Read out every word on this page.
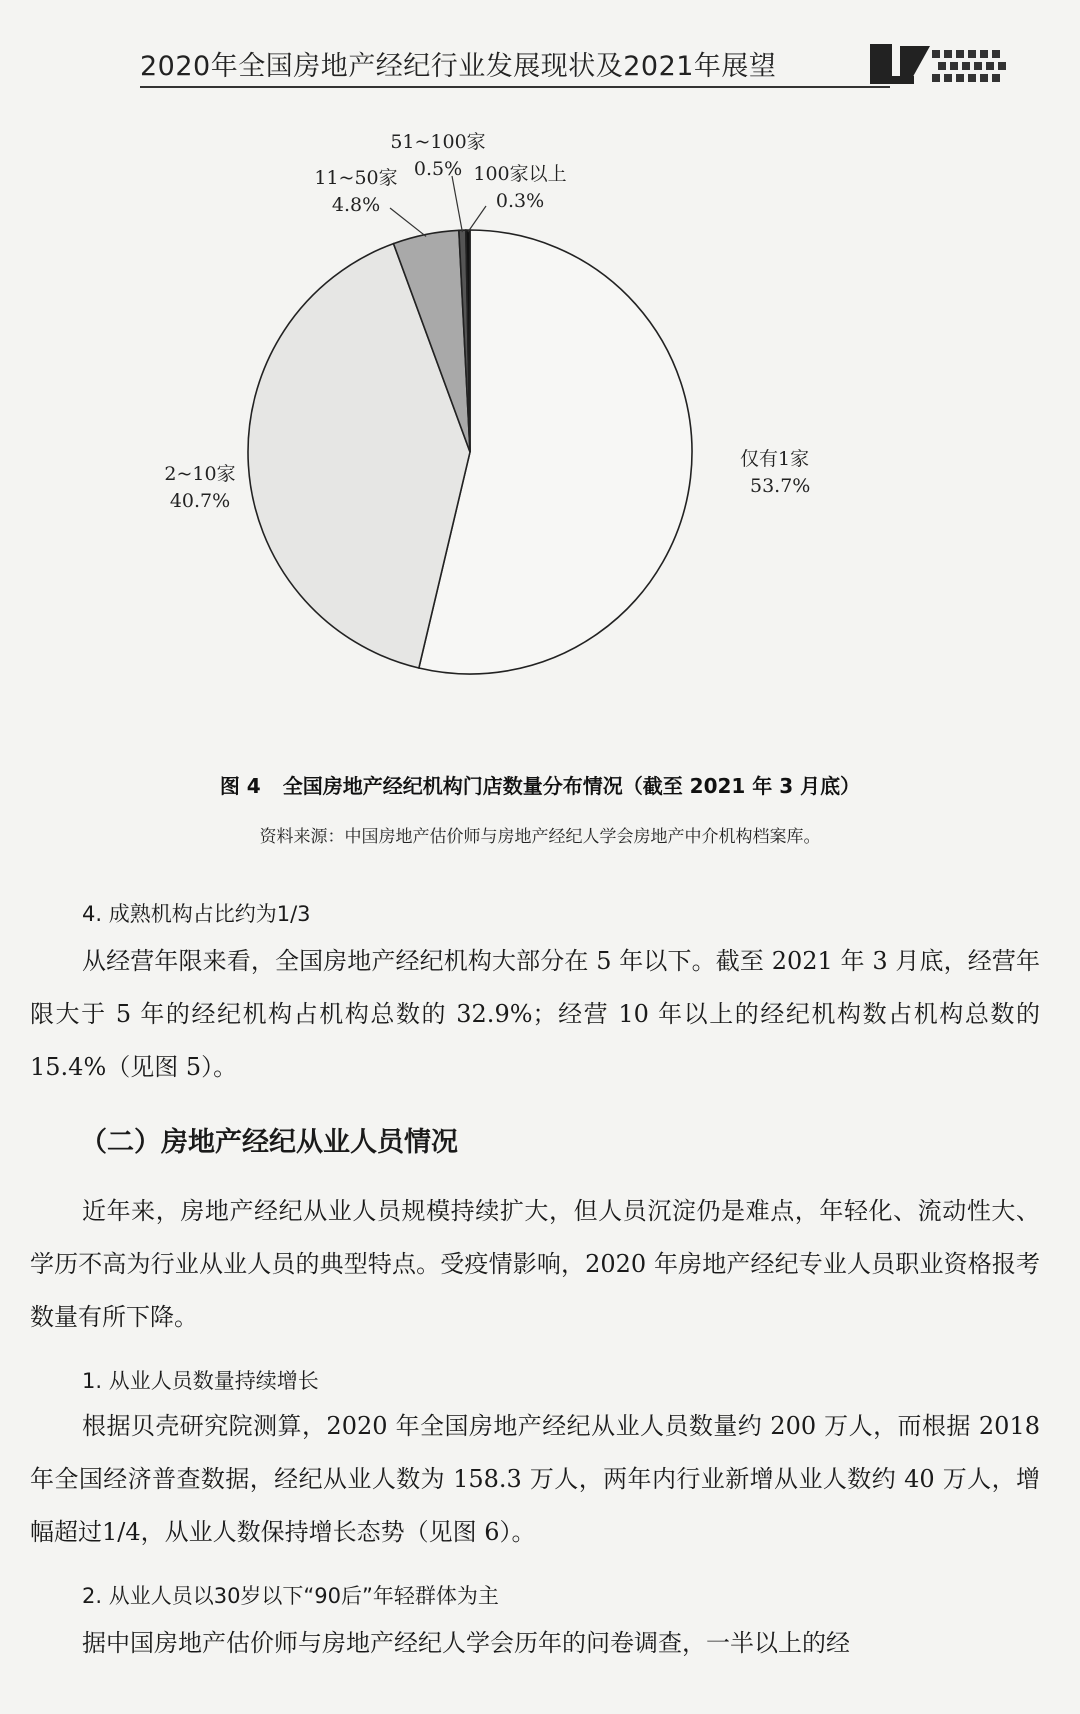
2020年全国房地产经纪行业发展现状及2021年展望
仅有1家
53.7%
2~10家
40.7%
11~50家
4.8%
51~100家
0.5% 100家以上
0.3%
图 4 全国房地产经纪机构门店数量分布情况（截至 2021 年 3 月底）
资料来源：中国房地产估价师与房地产经纪人学会房地产中介机构档案库。
4. 成熟机构占比约为1/3
从经营年限来看，全国房地产经纪机构大部分在 5 年以下。截至 2021 年 3 月底，经营年限大于 5 年的经纪机构占机构总数的 32.9%；经营 10 年以上的经纪机构数占机构总数的 15.4%（见图 5）。
（二）房地产经纪从业人员情况
近年来，房地产经纪从业人员规模持续扩大，但人员沉淀仍是难点，年轻化、流动性大、学历不高为行业从业人员的典型特点。受疫情影响，2020 年房地产经纪专业人员职业资格报考数量有所下降。
1. 从业人员数量持续增长
根据贝壳研究院测算，2020 年全国房地产经纪从业人员数量约 200 万人，而根据 2018 年全国经济普查数据，经纪从业人数为 158.3 万人，两年内行业新增从业人数约 40 万人，增幅超过1/4，从业人数保持增长态势（见图 6）。
2. 从业人员以30岁以下“90后”年轻群体为主
据中国房地产估价师与房地产经纪人学会历年的问卷调查，一半以上的经
